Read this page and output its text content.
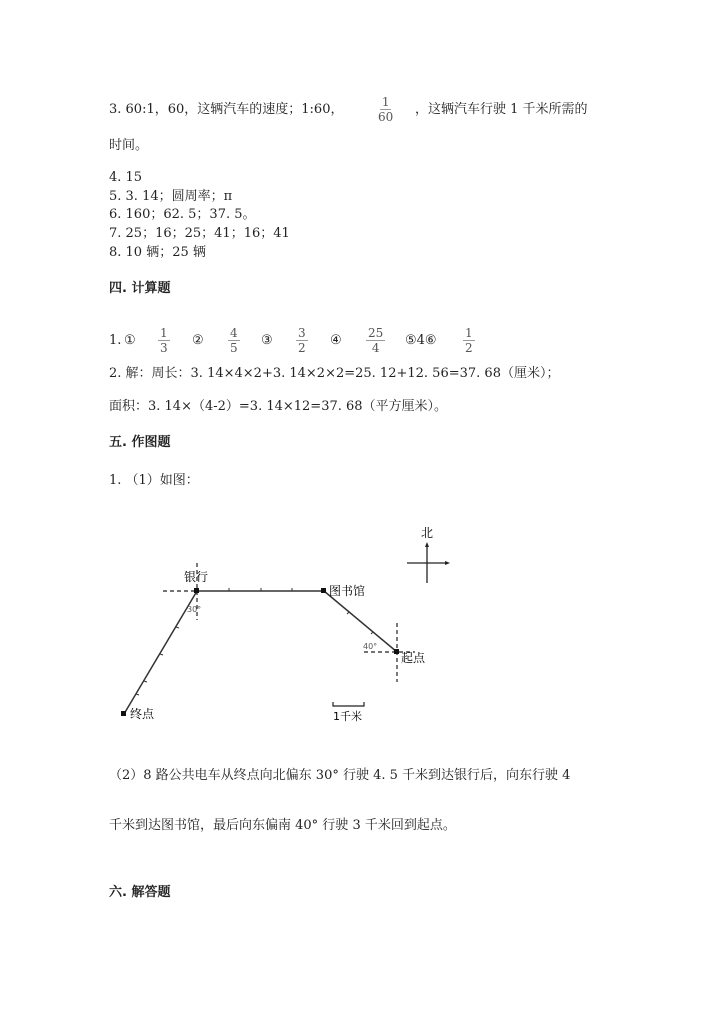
3. 60:1，60，这辆汽车的速度；1:60，	$\frac{1}{60}$ ，这辆汽车行驶 1 千米所需的
时间。
4. 15
5. 3. 14；圆周率；π
6. 160；62. 5；37. 5。
7. 25；16；25；41；16；41
8. 10 辆；25 辆
四. 计算题
1. ① $\frac{1}{3}$ ② $\frac{4}{5}$ ③ $\frac{3}{2}$ ④ $\frac{25}{4}$ ⑤4⑥ $\frac{1}{2}$
2. 解：周长：3. 14×4×2+3. 14×2×2=25. 12+12. 56=37. 68（厘米）；
面积：3. 14×（4-2）=3. 14×12=37. 68（平方厘米）。
五. 作图题
1. （1）如图：
北
银行
图书馆
起点
终点
30°
40°
1千米
（2）8 路公共电车从终点向北偏东 30° 行驶 4. 5 千米到达银行后，向东行驶 4
千米到达图书馆，最后向东偏南 40° 行驶 3 千米回到起点。
六. 解答题
